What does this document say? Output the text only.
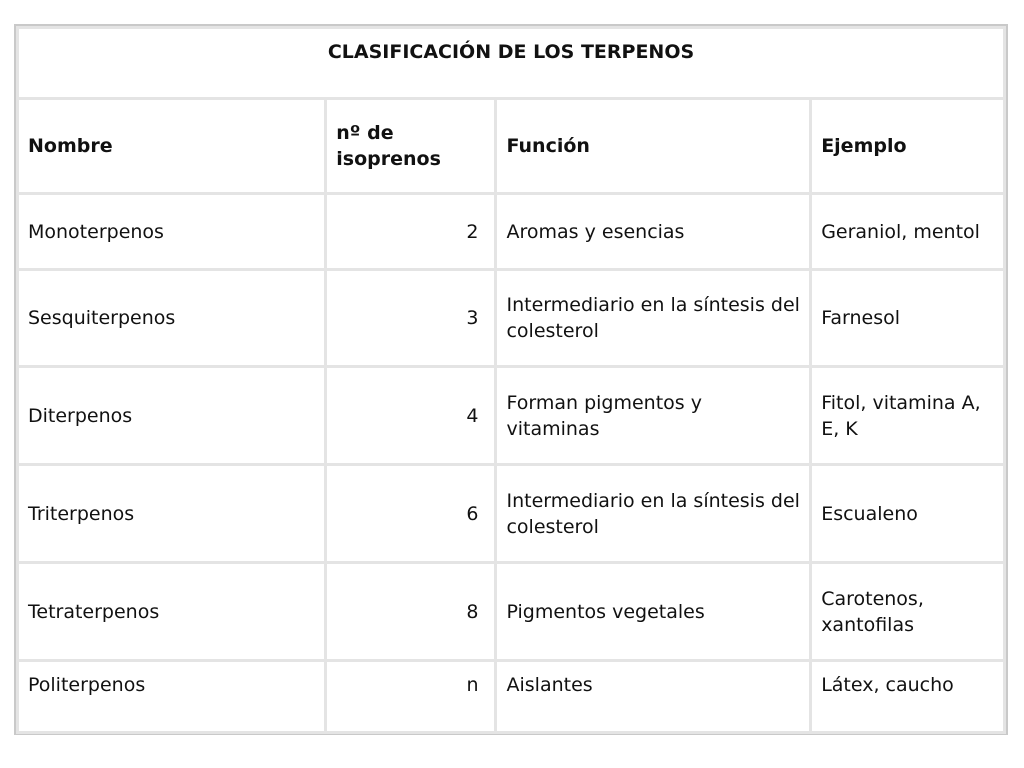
CLASIFICACIÓN DE LOS TERPENOS			
Nombre	nº de isoprenos	Función	Ejemplo
Monoterpenos	2	Aromas y esencias	Geraniol, mentol
Sesquiterpenos	3	Intermediario en la síntesis del colesterol	Farnesol
Diterpenos	4	Forman pigmentos y vitaminas	Fitol, vitamina A, E, K
Triterpenos	6	Intermediario en la síntesis del colesterol	Escualeno
Tetraterpenos	8	Pigmentos vegetales	Carotenos, xantofilas
Politerpenos	n	Aislantes	Látex, caucho
